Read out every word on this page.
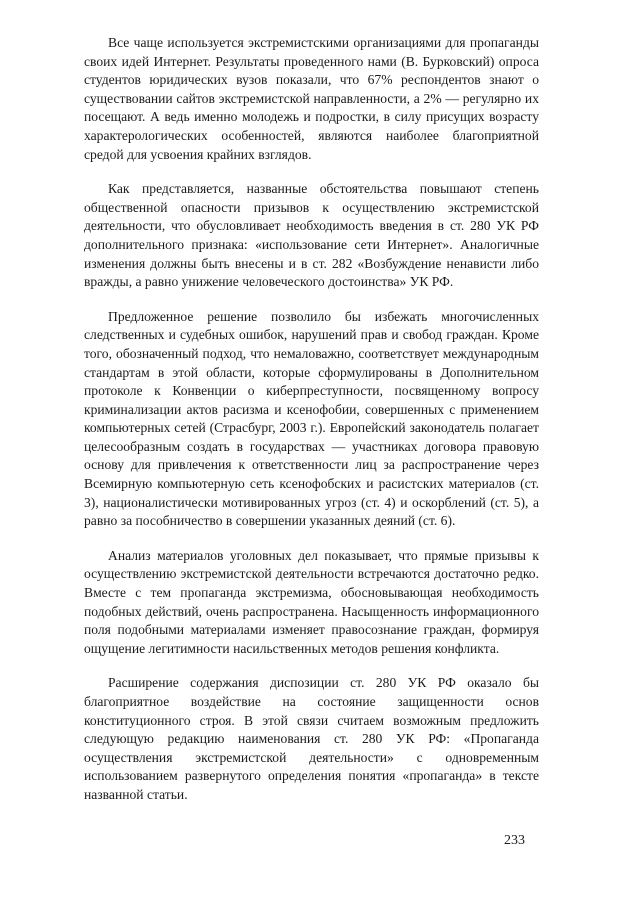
Все чаще используется экстремистскими организациями для пропаганды своих идей Интернет. Результаты проведенного нами (В. Бурковский) опроса студентов юридических вузов показали, что 67% респондентов знают о существовании сайтов экстремистской направленности, а 2% — регулярно их посещают. А ведь именно молодежь и подростки, в силу присущих возрасту характерологических особенностей, являются наиболее благоприятной средой для усвоения крайних взглядов.

Как представляется, названные обстоятельства повышают степень общественной опасности призывов к осуществлению экстремистской деятельности, что обусловливает необходимость введения в ст. 280 УК РФ дополнительного признака: «использование сети Интернет». Аналогичные изменения должны быть внесены и в ст. 282 «Возбуждение ненависти либо вражды, а равно унижение человеческого достоинства» УК РФ.

Предложенное решение позволило бы избежать многочисленных следственных и судебных ошибок, нарушений прав и свобод граждан. Кроме того, обозначенный подход, что немаловажно, соответствует международным стандартам в этой области, которые сформулированы в Дополнительном протоколе к Конвенции о киберпреступности, посвященному вопросу криминализации актов расизма и ксенофобии, совершенных с применением компьютерных сетей (Страсбург, 2003 г.). Европейский законодатель полагает целесообразным создать в государствах — участниках договора правовую основу для привлечения к ответственности лиц за распространение через Всемирную компьютерную сеть ксенофобских и расистских материалов (ст. 3), националистически мотивированных угроз (ст. 4) и оскорблений (ст. 5), а равно за пособничество в совершении указанных деяний (ст. 6).

Анализ материалов уголовных дел показывает, что прямые призывы к осуществлению экстремистской деятельности встречаются достаточно редко. Вместе с тем пропаганда экстремизма, обосновывающая необходимость подобных действий, очень распространена. Насыщенность информационного поля подобными материалами изменяет правосознание граждан, формируя ощущение легитимности насильственных методов решения конфликта.

Расширение содержания диспозиции ст. 280 УК РФ оказало бы благоприятное воздействие на состояние защищенности основ конституционного строя. В этой связи считаем возможным предложить следующую редакцию наименования ст. 280 УК РФ: «Пропаганда осуществления экстремистской деятельности» с одновременным использованием развернутого определения понятия «пропаганда» в тексте названной статьи.

233
